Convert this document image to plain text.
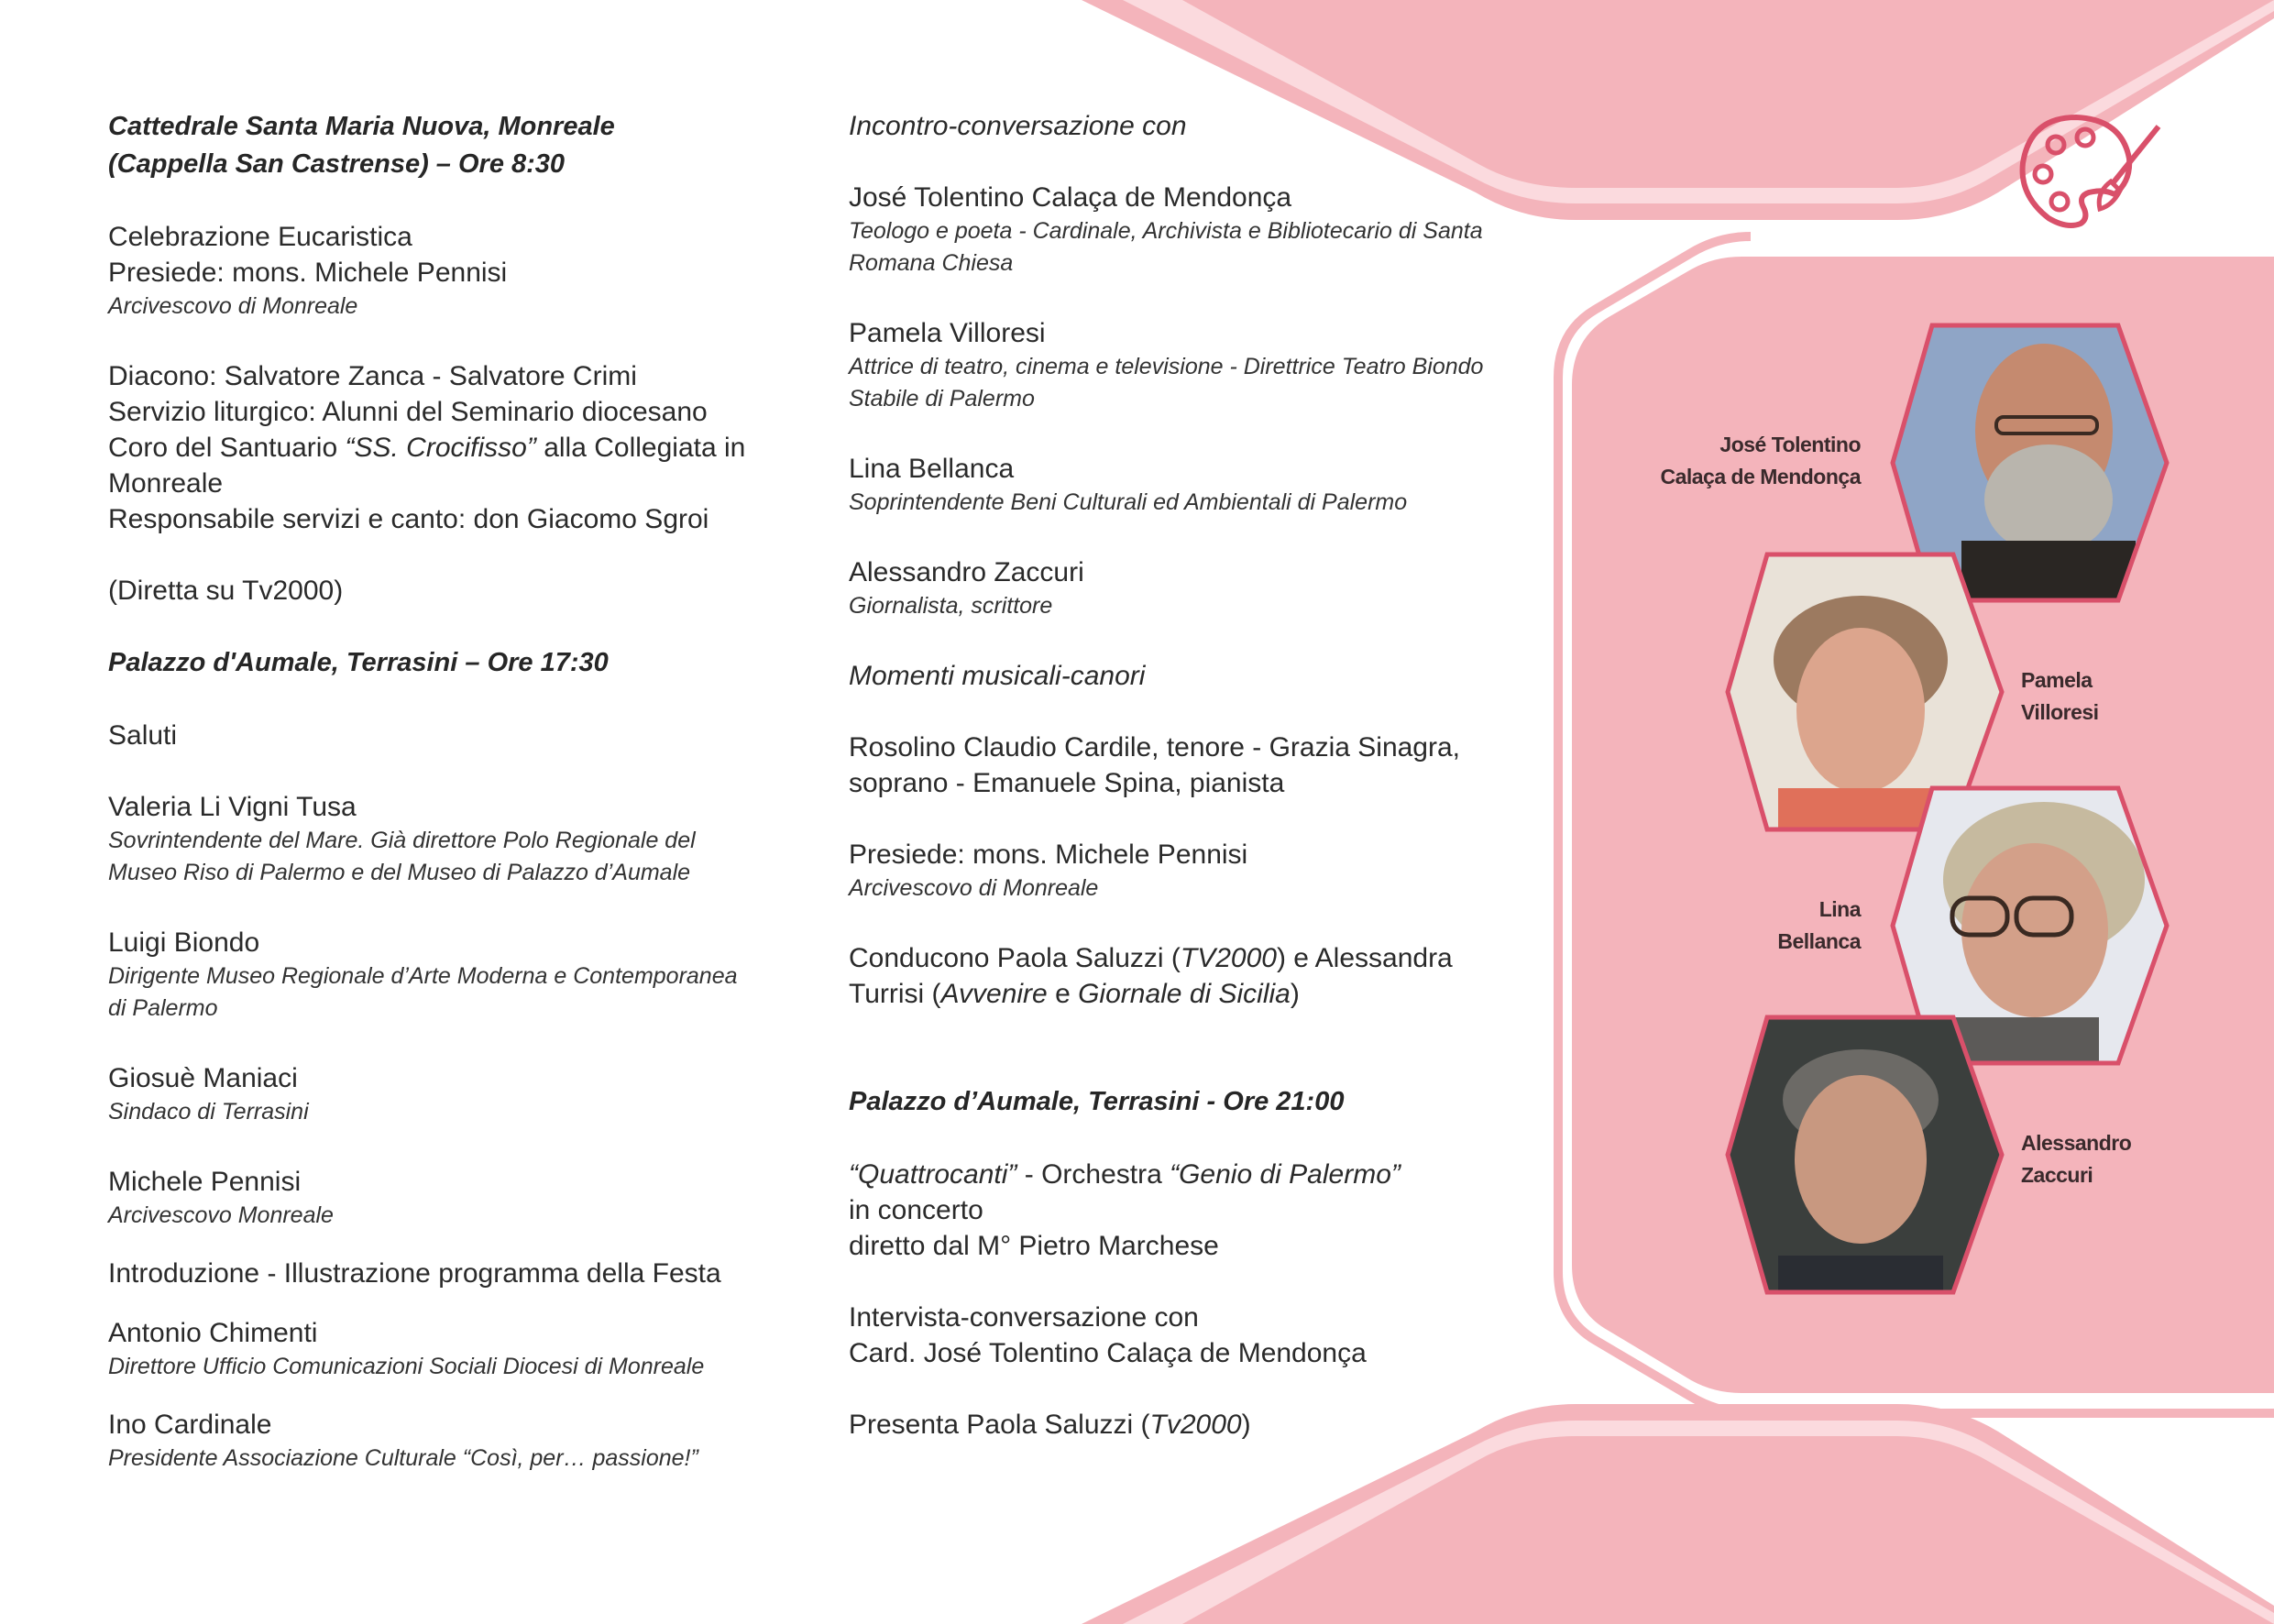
Cattedrale Santa Maria Nuova, Monreale
(Cappella San Castrense) – Ore 8:30

Celebrazione Eucaristica

Presiede: mons. Michele Pennisi

Arcivescovo di Monreale

Diacono: Salvatore Zanca - Salvatore Crimi

Servizio liturgico: Alunni del Seminario diocesano

Coro del Santuario “SS. Crocifisso” alla Collegiata in

Monreale

Responsabile servizi e canto: don Giacomo Sgroi

(Diretta su Tv2000)

Palazzo d'Aumale, Terrasini – Ore 17:30

Saluti

Valeria Li Vigni Tusa

Sovrintendente del Mare. Già direttore Polo Regionale del

Museo Riso di Palermo e del Museo di Palazzo d’Aumale

Luigi Biondo

Dirigente Museo Regionale d’Arte Moderna e Contemporanea

di Palermo

Giosuè Maniaci

Sindaco di Terrasini

Michele Pennisi

Arcivescovo Monreale

Introduzione - Illustrazione programma della Festa

Antonio Chimenti

Direttore Ufficio Comunicazioni Sociali Diocesi di Monreale

Ino Cardinale

Presidente Associazione Culturale “Così, per… passione!”

Incontro-conversazione con

José Tolentino Calaça de Mendonça

Teologo e poeta - Cardinale, Archivista e Bibliotecario di Santa

Romana Chiesa

Pamela Villoresi

Attrice di teatro, cinema e televisione - Direttrice Teatro Biondo

Stabile di Palermo

Lina Bellanca

Soprintendente Beni Culturali ed Ambientali di Palermo

Alessandro Zaccuri

Giornalista, scrittore

Momenti musicali-canori

Rosolino Claudio Cardile, tenore - Grazia Sinagra,

soprano - Emanuele Spina, pianista

Presiede: mons. Michele Pennisi

Arcivescovo di Monreale

Conducono Paola Saluzzi (TV2000) e Alessandra

Turrisi (Avvenire e Giornale di Sicilia)

Palazzo d’Aumale, Terrasini - Ore 21:00

“Quattrocanti” - Orchestra “Genio di Palermo”

in concerto

diretto dal M° Pietro Marchese

Intervista-conversazione con

Card. José Tolentino Calaça de Mendonça

Presenta Paola Saluzzi (Tv2000)

José Tolentino
Calaça de Mendonça
Pamela
Villoresi
Lina
Bellanca
Alessandro
Zaccuri
